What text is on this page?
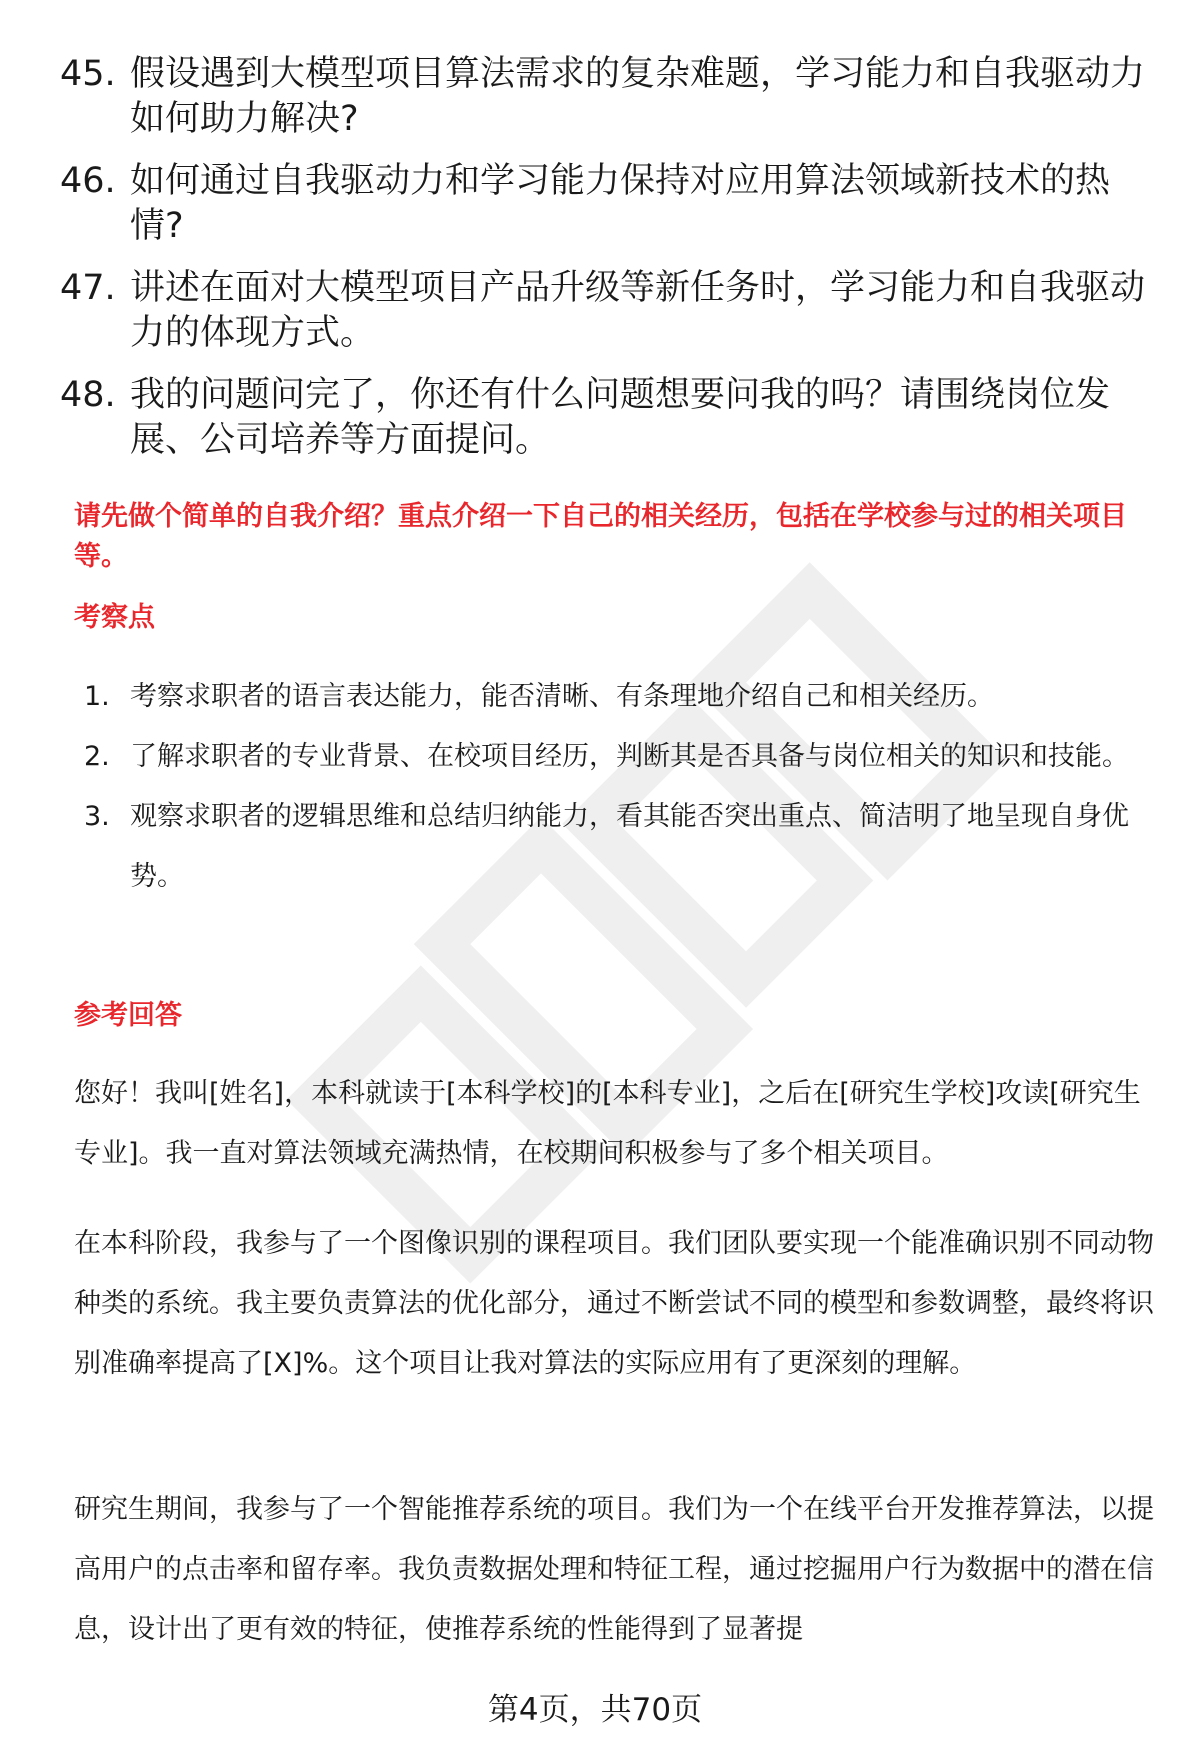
45. 假设遇到大模型项目算法需求的复杂难题，学习能力和自我驱动力如何助力解决?
46. 如何通过自我驱动力和学习能力保持对应用算法领域新技术的热情?
47. 讲述在面对大模型项目产品升级等新任务时，学习能力和自我驱动力的体现方式。
48. 我的问题问完了，你还有什么问题想要问我的吗？请围绕岗位发展、公司培养等方面提问。
请先做个简单的自我介绍？重点介绍一下自己的相关经历，包括在学校参与过的相关项目等。
考察点
1. 考察求职者的语言表达能力，能否清晰、有条理地介绍自己和相关经历。
2. 了解求职者的专业背景、在校项目经历，判断其是否具备与岗位相关的知识和技能。
3. 观察求职者的逻辑思维和总结归纳能力，看其能否突出重点、简洁明了地呈现自身优势。
参考回答

您好！我叫[姓名]，本科就读于[本科学校]的[本科专业]，之后在[研究生学校]攻读[研究生专业]。我一直对算法领域充满热情，在校期间积极参与了多个相关项目。

在本科阶段，我参与了一个图像识别的课程项目。我们团队要实现一个能准确识别不同动物种类的系统。我主要负责算法的优化部分，通过不断尝试不同的模型和参数调整，最终将识别准确率提高了[X]%。这个项目让我对算法的实际应用有了更深刻的理解。

研究生期间，我参与了一个智能推荐系统的项目。我们为一个在线平台开发推荐算法，以提高用户的点击率和留存率。我负责数据处理和特征工程，通过挖掘用户行为数据中的潜在信息，设计出了更有效的特征，使推荐系统的性能得到了显著提

第4页，共70页
